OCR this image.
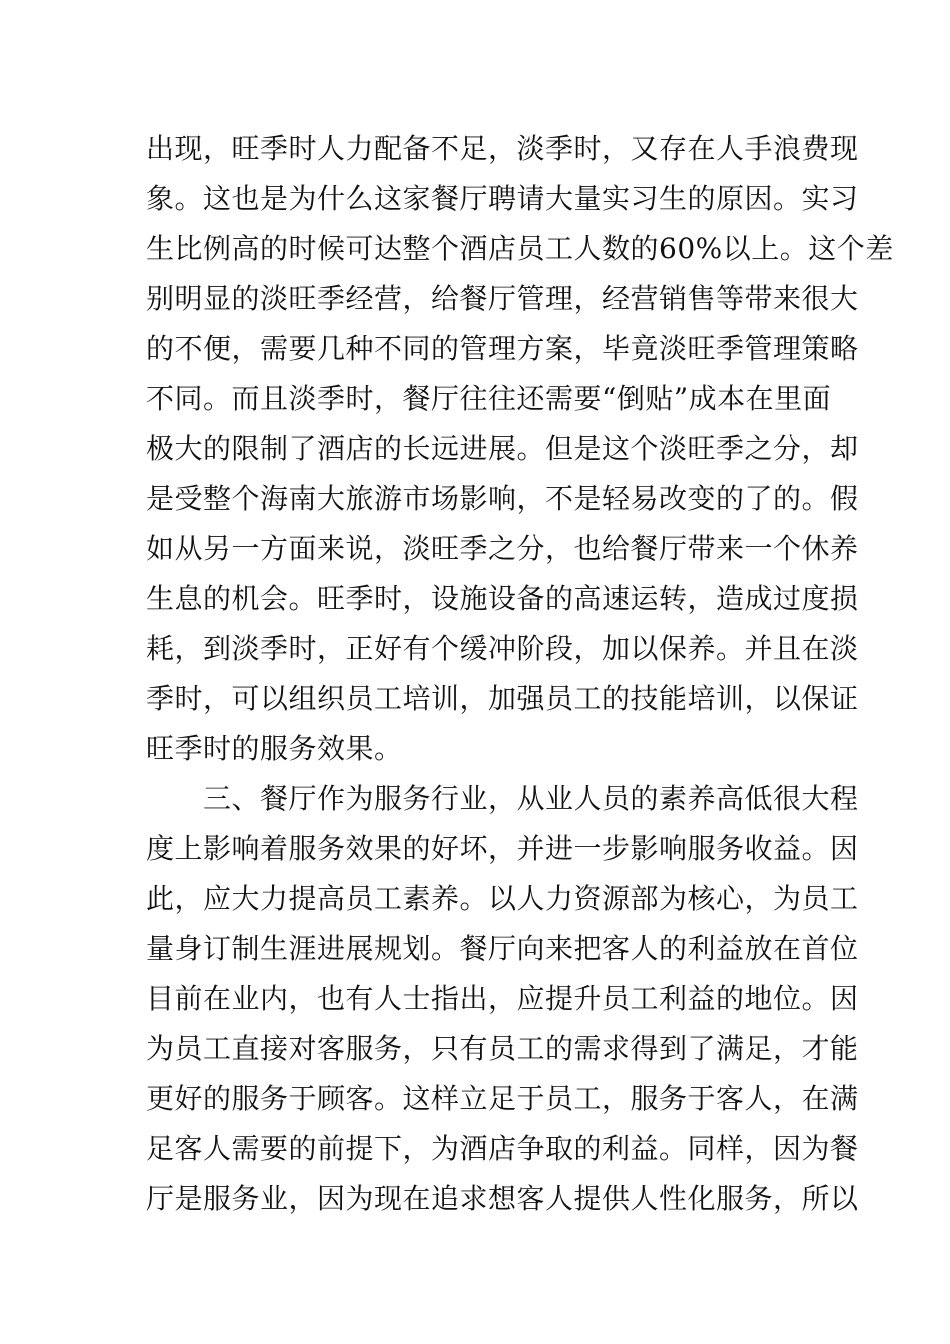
出现，旺季时人力配备不足，淡季时，又存在人手浪费现
象。这也是为什么这家餐厅聘请大量实习生的原因。实习
生比例高的时候可达整个酒店员工人数的60%以上。这个差
别明显的淡旺季经营，给餐厅管理，经营销售等带来很大
的不便，需要几种不同的管理方案，毕竟淡旺季管理策略
不同。而且淡季时，餐厅往往还需要“倒贴”成本在里面
极大的限制了酒店的长远进展。但是这个淡旺季之分，却
是受整个海南大旅游市场影响，不是轻易改变的了的。假
如从另一方面来说，淡旺季之分，也给餐厅带来一个休养
生息的机会。旺季时，设施设备的高速运转，造成过度损
耗，到淡季时，正好有个缓冲阶段，加以保养。并且在淡
季时，可以组织员工培训，加强员工的技能培训，以保证
旺季时的服务效果。
　　三、餐厅作为服务行业，从业人员的素养高低很大程
度上影响着服务效果的好坏，并进一步影响服务收益。因
此，应大力提高员工素养。以人力资源部为核心，为员工
量身订制生涯进展规划。餐厅向来把客人的利益放在首位
目前在业内，也有人士指出，应提升员工利益的地位。因
为员工直接对客服务，只有员工的需求得到了满足，才能
更好的服务于顾客。这样立足于员工，服务于客人，在满
足客人需要的前提下，为酒店争取的利益。同样，因为餐
厅是服务业，因为现在追求想客人提供人性化服务，所以
